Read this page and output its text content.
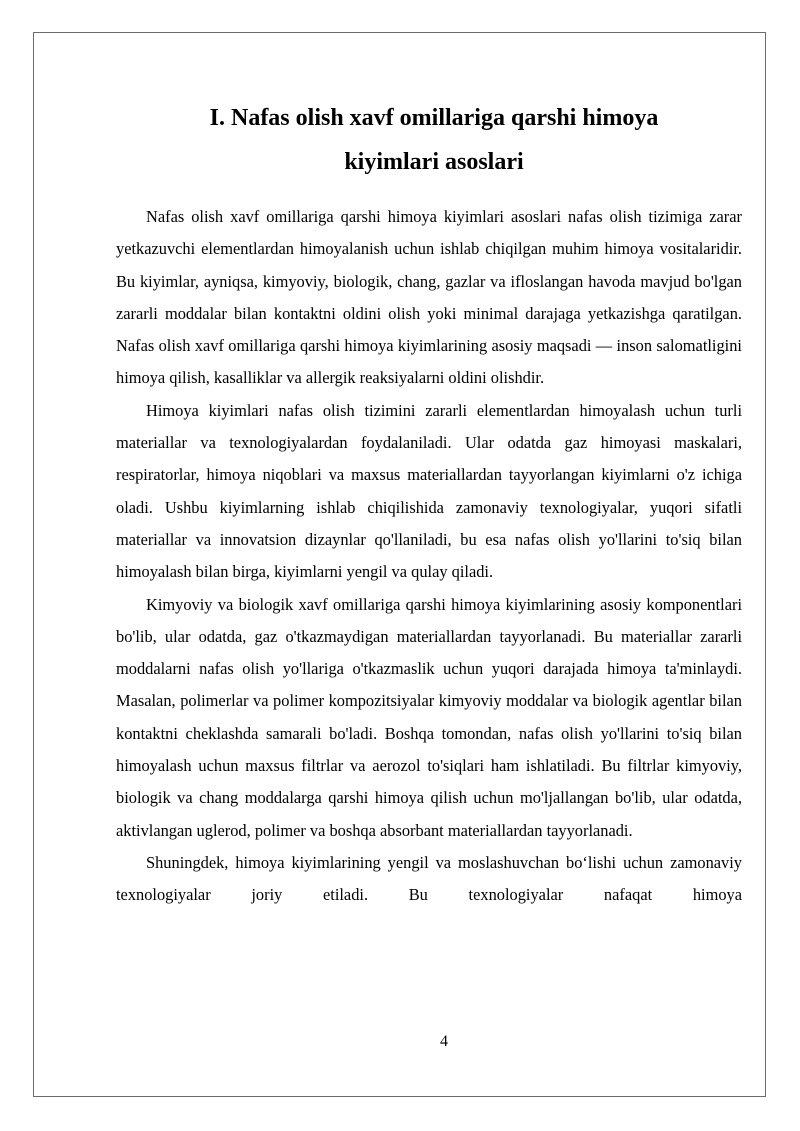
I. Nafas olish xavf omillariga qarshi himoya
kiyimlari asoslari

Nafas olish xavf omillariga qarshi himoya kiyimlari asoslari nafas olish tizimiga zarar yetkazuvchi elementlardan himoyalanish uchun ishlab chiqilgan muhim himoya vositalaridir. Bu kiyimlar, ayniqsa, kimyoviy, biologik, chang, gazlar va ifloslangan havoda mavjud bo'lgan zararli moddalar bilan kontaktni oldini olish yoki minimal darajaga yetkazishga qaratilgan. Nafas olish xavf omillariga qarshi himoya kiyimlarining asosiy maqsadi — inson salomatligini himoya qilish, kasalliklar va allergik reaksiyalarni oldini olishdir.

Himoya kiyimlari nafas olish tizimini zararli elementlardan himoyalash uchun turli materiallar va texnologiyalardan foydalaniladi. Ular odatda gaz himoyasi maskalari, respiratorlar, himoya niqoblari va maxsus materiallardan tayyorlangan kiyimlarni o'z ichiga oladi. Ushbu kiyimlarning ishlab chiqilishida zamonaviy texnologiyalar, yuqori sifatli materiallar va innovatsion dizaynlar qo'llaniladi, bu esa nafas olish yo'llarini to'siq bilan himoyalash bilan birga, kiyimlarni yengil va qulay qiladi.

Kimyoviy va biologik xavf omillariga qarshi himoya kiyimlarining asosiy komponentlari bo'lib, ular odatda, gaz o'tkazmaydigan materiallardan tayyorlanadi. Bu materiallar zararli moddalarni nafas olish yo'llariga o'tkazmaslik uchun yuqori darajada himoya ta'minlaydi. Masalan, polimerlar va polimer kompozitsiyalar kimyoviy moddalar va biologik agentlar bilan kontaktni cheklashda samarali bo'ladi. Boshqa tomondan, nafas olish yo'llarini to'siq bilan himoyalash uchun maxsus filtrlar va aerozol to'siqlari ham ishlatiladi. Bu filtrlar kimyoviy, biologik va chang moddalarga qarshi himoya qilish uchun mo'ljallangan bo'lib, ular odatda, aktivlangan uglerod, polimer va boshqa absorbant materiallardan tayyorlanadi.

Shuningdek, himoya kiyimlarining yengil va moslashuvchan bo‘lishi uchun zamonaviy texnologiyalar joriy etiladi. Bu texnologiyalar nafaqat himoya

4
